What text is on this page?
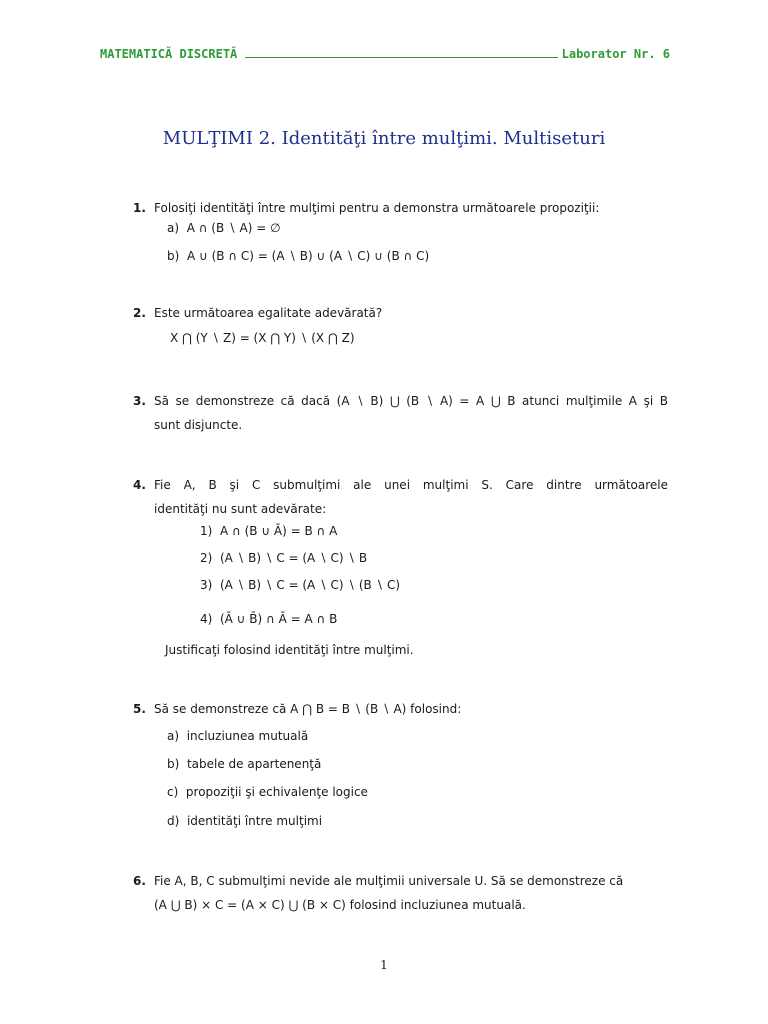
MATEMATICĂ DISCRETĂ	Laborator Nr. 6
MULŢIMI 2. Identităţi între mulţimi. Multiseturi
1. Folosiţi identităţi între mulţimi pentru a demonstra următoarele propoziţii:
a) A ∩ (B ∖ A) = ∅
b) A ∪ (B ∩ C) = (A ∖ B) ∪ (A ∖ C) ∪ (B ∩ C)
2. Este următoarea egalitate adevărată?
X ⋂ (Y ∖ Z) = (X ⋂ Y) ∖ (X ⋂ Z)
3. Să se demonstreze că dacă (A ∖ B) ⋃ (B ∖ A) = A ⋃ B atunci mulţimile A şi B
sunt disjuncte.
4. Fie A, B şi C submulţimi ale unei mulţimi S. Care dintre următoarele
identităţi nu sunt adevărate:
1) A ∩ (B ∪ Ā) = B ∩ A
2) (A ∖ B) ∖ C = (A ∖ C) ∖ B
3) (A ∖ B) ∖ C = (A ∖ C) ∖ (B ∖ C)
4) (Ā ∪ B̄) ∩ Ā = A ∩ B
Justificaţi folosind identităţi între mulţimi.
5. Să se demonstreze că A ⋂ B = B ∖ (B ∖ A) folosind:
a) incluziunea mutuală
b) tabele de apartenenţă
c) propoziţii şi echivalenţe logice
d) identităţi între mulţimi
6. Fie A, B, C submulţimi nevide ale mulţimii universale U. Să se demonstreze că
(A ⋃ B) × C = (A × C) ⋃ (B × C) folosind incluziunea mutuală.
1
